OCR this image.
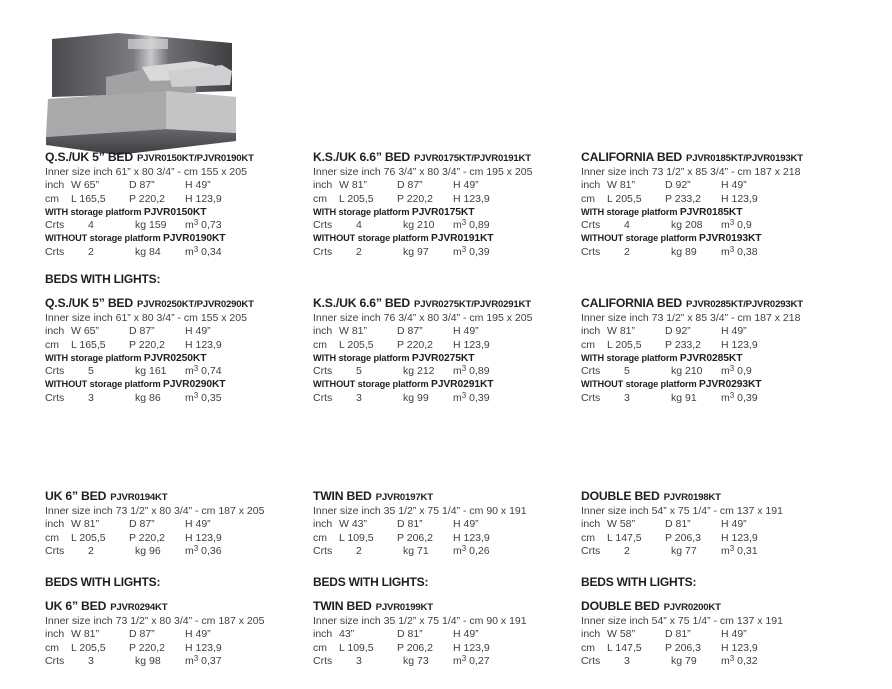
Q.S./UK 5” BED PJVR0150KT/PJVR0190KT
Inner size inch 61” x 80 3/4” - cm 155 x 205
inch W 65”	D 87”	H 49”
cm L 165,5 P 220,2 H 123,9
WITH storage platform PJVR0150KT
Crts 4	kg 159 $m^3$ 0,73
WITHOUT storage platform PJVR0190KT
Crts 2	kg 84 $m^3$ 0,34
K.S./UK 6.6” BED PJVR0175KT/PJVR0191KT
Inner size inch 76 3/4” x 80 3/4” - cm 195 x 205
inch W 81”	D 87”	H 49”
cm L 205,5 P 220,2 H 123,9
WITH storage platform PJVR0175KT
Crts 4	kg 210 $m^3$ 0,89
WITHOUT storage platform PJVR0191KT
Crts 2	kg 97 $m^3$ 0,39
CALIFORNIA BED PJVR0185KT/PJVR0193KT
Inner size inch 73 1/2” x 85 3/4” - cm 187 x 218
inch W 81”	D 92”	H 49”
cm L 205,5 P 233,2 H 123,9
WITH storage platform PJVR0185KT
Crts 4	kg 208 $m^3$ 0,9
WITHOUT storage platform PJVR0193KT
Crts 2	kg 89 $m^3$ 0,38
BEDS WITH LIGHTS:
Q.S./UK 5” BED PJVR0250KT/PJVR0290KT
Inner size inch 61” x 80 3/4” - cm 155 x 205
inch W 65”	D 87”	H 49”
cm L 165,5 P 220,2 H 123,9
WITH storage platform PJVR0250KT
Crts 5	kg 161 $m^3$ 0,74
WITHOUT storage platform PJVR0290KT
Crts 3	kg 86 $m^3$ 0,35
K.S./UK 6.6” BED PJVR0275KT/PJVR0291KT
Inner size inch 76 3/4” x 80 3/4” - cm 195 x 205
inch W 81”	D 87”	H 49”
cm L 205,5 P 220,2 H 123,9
WITH storage platform PJVR0275KT
Crts 5	kg 212 $m^3$ 0,89
WITHOUT storage platform PJVR0291KT
Crts 3	kg 99 $m^3$ 0,39
CALIFORNIA BED PJVR0285KT/PJVR0293KT
Inner size inch 73 1/2” x 85 3/4” - cm 187 x 218
inch W 81”	D 92”	H 49”
cm L 205,5 P 233,2 H 123,9
WITH storage platform PJVR0285KT
Crts 5	kg 210 $m^3$ 0,9
WITHOUT storage platform PJVR0293KT
Crts 3	kg 91 $m^3$ 0,39
UK 6” BED PJVR0194KT
Inner size inch 73 1/2” x 80 3/4” - cm 187 x 205
inch W 81”	D 87”	H 49”
cm L 205,5 P 220,2 H 123,9
Crts 2	kg 96 $m^3$ 0,36
TWIN BED PJVR0197KT
Inner size inch 35 1/2” x 75 1/4” - cm 90 x 191
inch W 43”	D 81”	H 49”
cm L 109,5 P 206,2 H 123,9
Crts 2	kg 71 $m^3$ 0,26
DOUBLE BED PJVR0198KT
Inner size inch 54” x 75 1/4” - cm 137 x 191
inch W 58”	D 81”	H 49”
cm L 147,5 P 206,3 H 123,9
Crts 2	kg 77 $m^3$ 0,31
BEDS WITH LIGHTS:	BEDS WITH LIGHTS:	BEDS WITH LIGHTS:
UK 6” BED PJVR0294KT
Inner size inch 73 1/2” x 80 3/4” - cm 187 x 205
inch W 81”	D 87”	H 49”
cm L 205,5 P 220,2 H 123,9
Crts 3	kg 98 $m^3$ 0,37
TWIN BED PJVR0199KT
Inner size inch 35 1/2” x 75 1/4” - cm 90 x 191
inch 43”	D 81”	H 49”
cm L 109,5 P 206,2 H 123,9
Crts 3	kg 73 $m^3$ 0,27
DOUBLE BED PJVR0200KT
Inner size inch 54” x 75 1/4” - cm 137 x 191
inch W 58”	D 81”	H 49”
cm L 147,5 P 206,3 H 123,9
Crts 3	kg 79 $m^3$ 0,32
